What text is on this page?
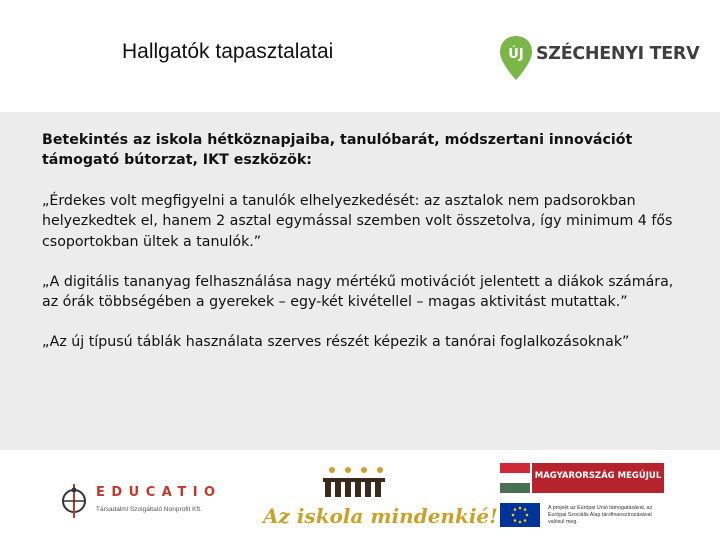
Hallgatók tapasztalatai	ÚJ SZÉCHENYI TERV

Betekintés az iskola hétköznapjaiba, tanulóbarát, módszertani innovációt támogató bútorzat, IKT eszközök:

„Érdekes volt megfigyelni a tanulók elhelyezkedését: az asztalok nem padsorokban helyezkedtek el, hanem 2 asztal egymással szemben volt összetolva, így minimum 4 fős csoportokban ültek a tanulók.”

„A digitális tananyag felhasználása nagy mértékű motivációt jelentett a diákok számára, az órák többségében a gyerekek – egy-két kivétellel – magas aktivitást mutattak.”

„Az új típusú táblák használata szerves részét képezik a tanórai foglalkozásoknak”

EDUCATIO
Társadalmi Szolgáltató Nonprofit Kft.	Az iskola mindenkié!
MAGYARORSZÁG MEGÚJUL
A projekt az Európai Unió támogatásával, az Európai Szociális Alap társfinanszírozásával valósul meg.
